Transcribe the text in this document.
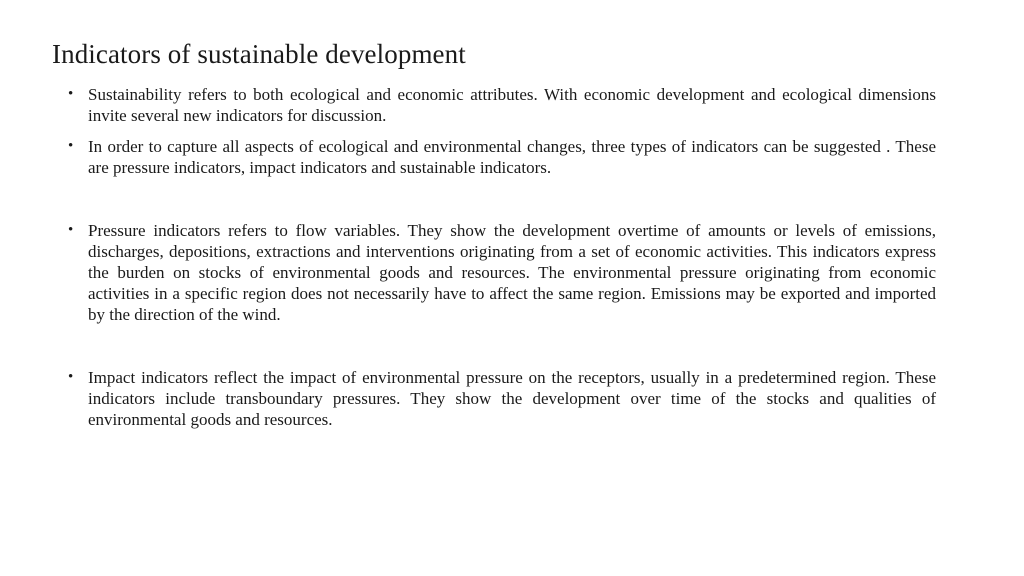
Indicators of sustainable development
• Sustainability refers to both ecological and economic attributes. With economic development and ecological dimensions invite several new indicators for discussion.
• In order to capture all aspects of ecological and environmental changes, three types of indicators can be suggested . These are pressure indicators, impact indicators and sustainable indicators.
• Pressure indicators refers to flow variables. They show the development overtime of amounts or levels of emissions, discharges, depositions, extractions and interventions originating from a set of economic activities. This indicators express the burden on stocks of environmental goods and resources. The environmental pressure originating from economic activities in a specific region does not necessarily have to affect the same region. Emissions may be exported and imported by the direction of the wind.
• Impact indicators reflect the impact of environmental pressure on the receptors, usually in a predetermined region. These indicators include transboundary pressures. They show the development over time of the stocks and qualities of environmental goods and resources.
